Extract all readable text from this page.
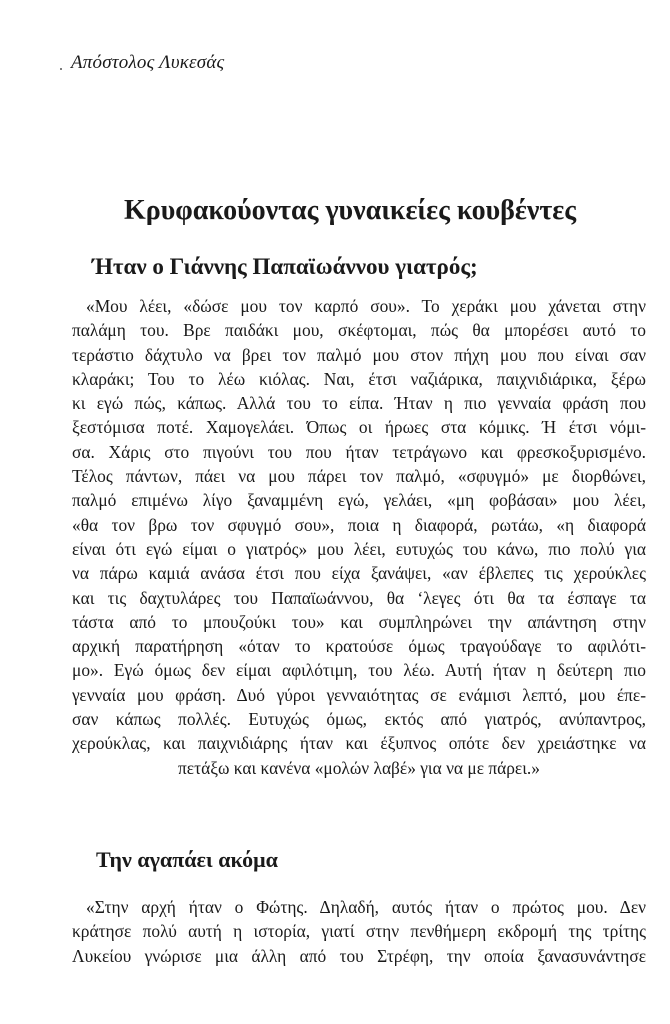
Απόστολος Λυκεσάς
Κρυφακούοντας γυναικείες κουβέντες
Ήταν ο Γιάννης Παπαϊωάννου γιατρός;
«Μου λέει, «δώσε μου τον καρπό σου». Το χεράκι μου χάνεται στην
παλάμη του. Βρε παιδάκι μου, σκέφτομαι, πώς θα μπορέσει αυτό το
τεράστιο δάχτυλο να βρει τον παλμό μου στον πήχη μου που είναι σαν
κλαράκι; Του το λέω κιόλας. Ναι, έτσι ναζιάρικα, παιχνιδιάρικα, ξέρω
κι εγώ πώς, κάπως. Αλλά του το είπα. Ήταν η πιο γενναία φράση που
ξεστόμισα ποτέ. Χαμογελάει. Όπως οι ήρωες στα κόμικς. Ή έτσι νόμι-
σα. Χάρις στο πιγούνι του που ήταν τετράγωνο και φρεσκοξυρισμένο.
Τέλος πάντων, πάει να μου πάρει τον παλμό, «σφυγμό» με διορθώνει,
παλμό επιμένω λίγο ξαναμμένη εγώ, γελάει, «μη φοβάσαι» μου λέει,
«θα τον βρω τον σφυγμό σου», ποια η διαφορά, ρωτάω, «η διαφορά
είναι ότι εγώ είμαι ο γιατρός» μου λέει, ευτυχώς του κάνω, πιο πολύ για
να πάρω καμιά ανάσα έτσι που είχα ξανάψει, «αν έβλεπες τις χερούκλες
και τις δαχτυλάρες του Παπαϊωάννου, θα ‘λεγες ότι θα τα έσπαγε τα
τάστα από το μπουζούκι του» και συμπληρώνει την απάντηση στην
αρχική παρατήρηση «όταν το κρατούσε όμως τραγούδαγε το αφιλότι-
μο». Εγώ όμως δεν είμαι αφιλότιμη, του λέω. Αυτή ήταν η δεύτερη πιο
γενναία μου φράση. Δυό γύροι γενναιότητας σε ενάμισι λεπτό, μου έπε-
σαν κάπως πολλές. Ευτυχώς όμως, εκτός από γιατρός, ανύπαντρος,
χερούκλας, και παιχνιδιάρης ήταν και έξυπνος οπότε δεν χρειάστηκε να
πετάξω και κανένα «μολών λαβέ» για να με πάρει.»
Την αγαπάει ακόμα
«Στην αρχή ήταν ο Φώτης. Δηλαδή, αυτός ήταν ο πρώτος μου. Δεν
κράτησε πολύ αυτή η ιστορία, γιατί στην πενθήμερη εκδρομή της τρίτης
Λυκείου γνώρισε μια άλλη από του Στρέφη, την οποία ξανασυνάντησε
